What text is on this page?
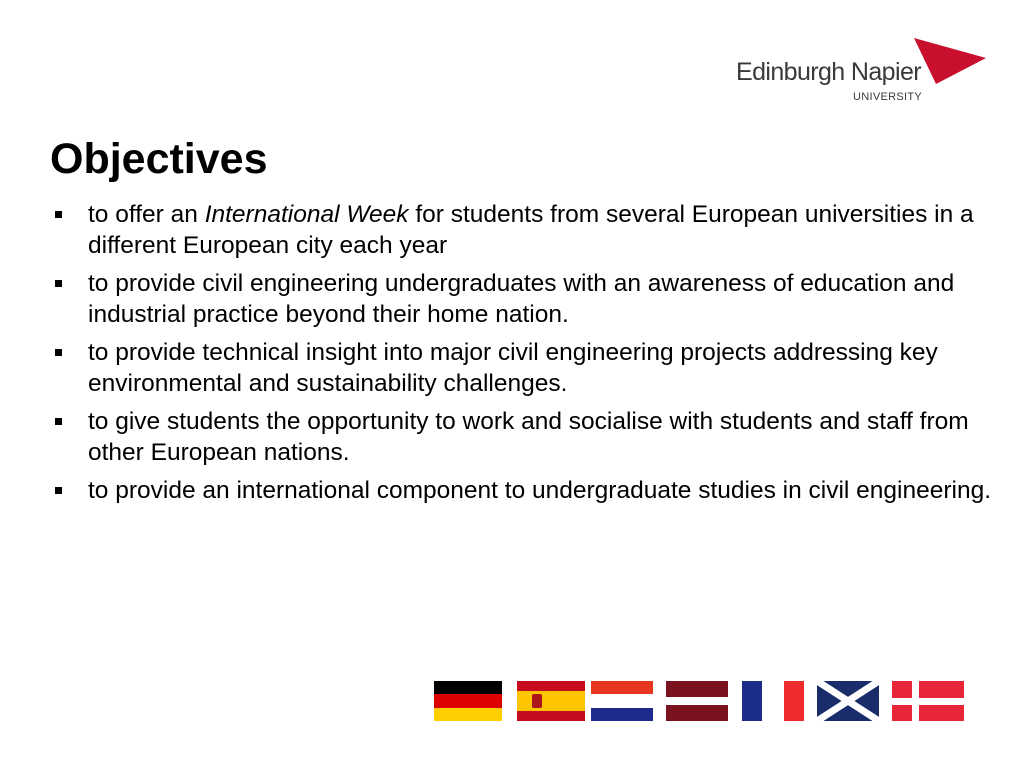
Edinburgh Napier
UNIVERSITY
Objectives
to offer an International Week for students from several European universities in a different European city each year
to provide civil engineering undergraduates with an awareness of education and industrial practice beyond their home nation.
to provide technical insight into major civil engineering projects addressing key environmental and sustainability challenges.
to give students the opportunity to work and socialise with students and staff from other European nations.
to provide an international component to undergraduate studies in civil engineering.
